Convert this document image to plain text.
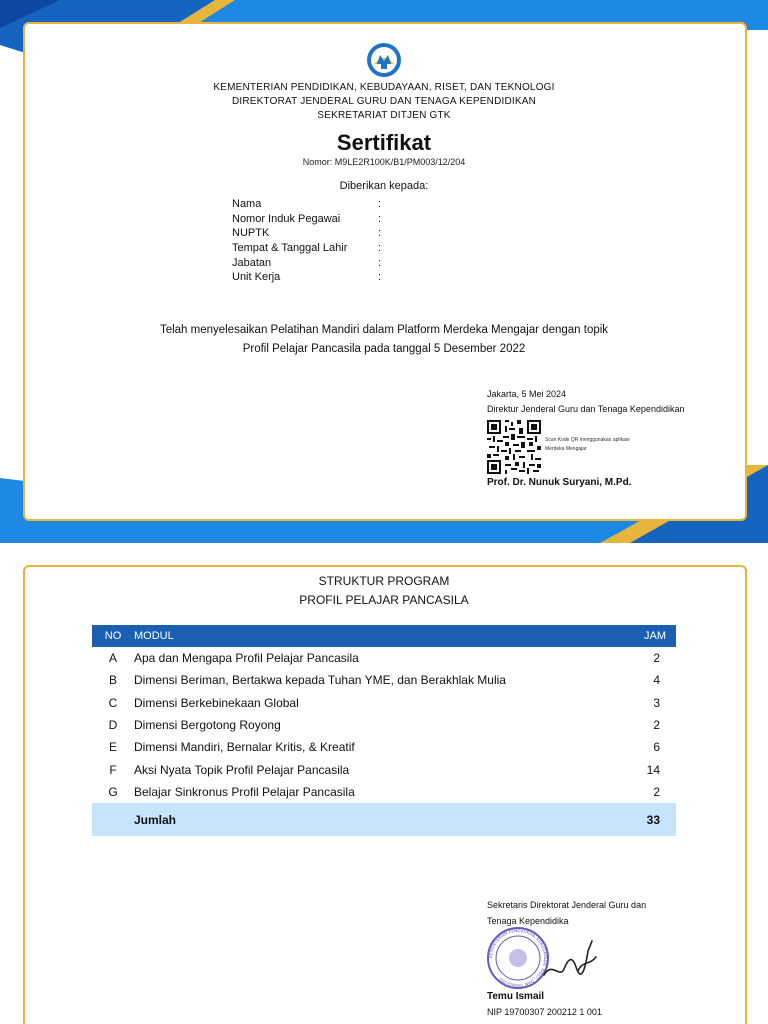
KEMENTERIAN PENDIDIKAN, KEBUDAYAAN, RISET, DAN TEKNOLOGI
DIREKTORAT JENDERAL GURU DAN TENAGA KEPENDIDIKAN
SEKRETARIAT DITJEN GTK
Sertifikat
Nomor: M9LE2R100K/B1/PM003/12/204
Diberikan kepada:
Nama	:
Nomor Induk Pegawai	:
NUPTK	:
Tempat & Tanggal Lahir	:
Jabatan	:
Unit Kerja	:
Telah menyelesaikan Pelatihan Mandiri dalam Platform Merdeka Mengajar dengan topik
Profil Pelajar Pancasila pada tanggal 5 Desember 2022
Jakarta, 5 Mei 2024
Direktur Jenderal Guru dan Tenaga Kependidikan
Scan Kode QR menggunakan aplikasi Merdeka Mengajar
Prof. Dr. Nunuk Suryani, M.Pd.
STRUKTUR PROGRAM
PROFIL PELAJAR PANCASILA
NO	MODUL	JAM
A	Apa dan Mengapa Profil Pelajar Pancasila	2
B	Dimensi Beriman, Bertakwa kepada Tuhan YME, dan Berakhlak Mulia	4
C	Dimensi Berkebinekaan Global	3
D	Dimensi Bergotong Royong	2
E	Dimensi Mandiri, Bernalar Kritis, & Kreatif	6
F	Aksi Nyata Topik Profil Pelajar Pancasila	14
G	Belajar Sinkronus Profil Pelajar Pancasila	2
	Jumlah	33
Sekretaris Direktorat Jenderal Guru dan Tenaga Kependidika
KEMENTERIAN PENDIDIKAN, KEBUDAYAAN, RISET, DAN TEKNOLOGI
Temu Ismail
NIP 19700307 200212 1 001
